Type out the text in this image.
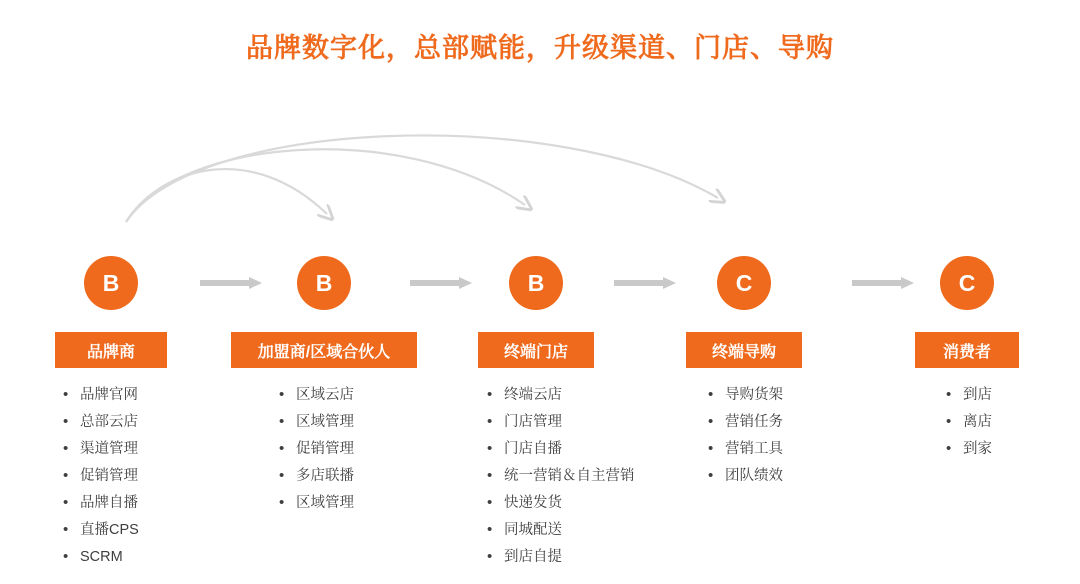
品牌数字化，总部赋能，升级渠道、门店、导购
B
品牌商
• 品牌官网
• 总部云店
• 渠道管理
• 促销管理
• 品牌自播
• 直播CPS
• SCRM
B
加盟商/区域合伙人
• 区域云店
• 区域管理
• 促销管理
• 多店联播
• 区域管理
B
终端门店
• 终端云店
• 门店管理
• 门店自播
• 统一营销＆自主营销
• 快递发货
• 同城配送
• 到店自提
C
终端导购
• 导购货架
• 营销任务
• 营销工具
• 团队绩效
C
消费者
• 到店
• 离店
• 到家
